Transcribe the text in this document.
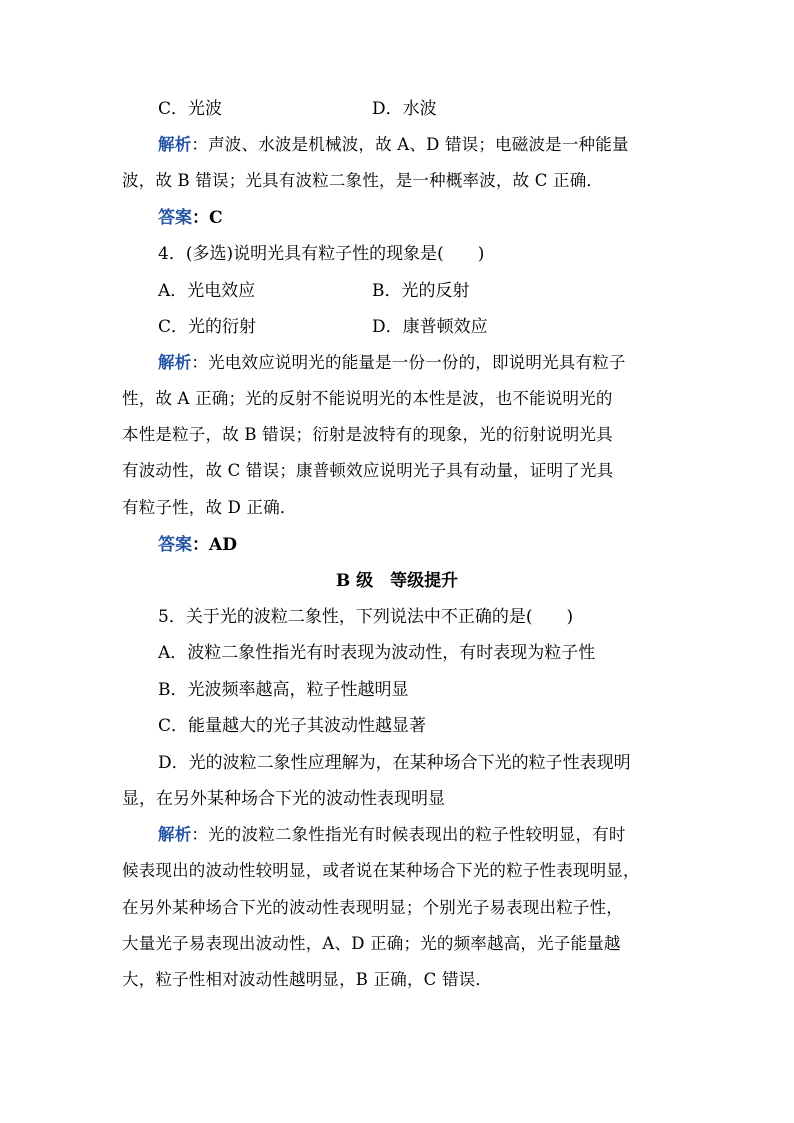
C．光波	D．水波
解析：声波、水波是机械波，故 A、D 错误；电磁波是一种能量
波，故 B 错误；光具有波粒二象性，是一种概率波，故 C 正确．
答案：C
4．(多选)说明光具有粒子性的现象是(　　)
A．光电效应	B．光的反射
C．光的衍射	D．康普顿效应
解析：光电效应说明光的能量是一份一份的，即说明光具有粒子
性，故 A 正确；光的反射不能说明光的本性是波，也不能说明光的
本性是粒子，故 B 错误；衍射是波特有的现象，光的衍射说明光具
有波动性，故 C 错误；康普顿效应说明光子具有动量，证明了光具
有粒子性，故 D 正确．
答案：AD
B 级　等级提升
5．关于光的波粒二象性，下列说法中不正确的是(　　)
A．波粒二象性指光有时表现为波动性，有时表现为粒子性
B．光波频率越高，粒子性越明显
C．能量越大的光子其波动性越显著
D．光的波粒二象性应理解为，在某种场合下光的粒子性表现明
显，在另外某种场合下光的波动性表现明显
解析：光的波粒二象性指光有时候表现出的粒子性较明显，有时
候表现出的波动性较明显，或者说在某种场合下光的粒子性表现明显，
在另外某种场合下光的波动性表现明显；个别光子易表现出粒子性，
大量光子易表现出波动性，A、D 正确；光的频率越高，光子能量越
大，粒子性相对波动性越明显，B 正确，C 错误．
